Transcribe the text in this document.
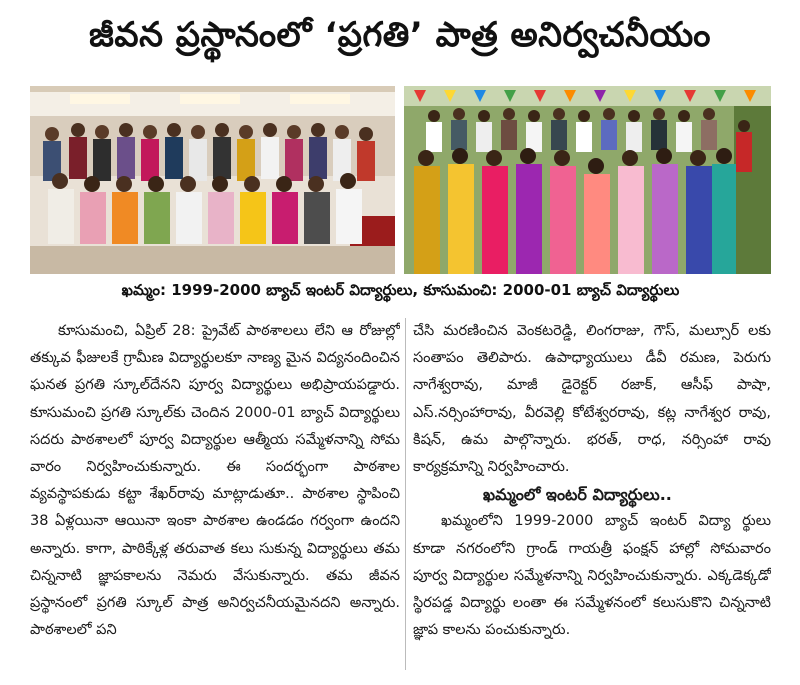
జీవన ప్రస్థానంలో ‘ప్రగతి’ పాత్ర అనిర్వచనీయం
ఖమ్మం: 1999-2000 బ్యాచ్ ఇంటర్ విద్యార్థులు, కూసుమంచి: 2000-01 బ్యాచ్ విద్యార్థులు

కూసుమంచి, ఏప్రిల్ 28: ప్రైవేట్ పాఠశాలలు లేని ఆ రోజుల్లో తక్కువ ఫీజులకే గ్రామీణ విద్యార్థులకూ నాణ్య మైన విద్యనందించిన ఘనత ప్రగతి స్కూల్‌దేనని పూర్వ విద్యార్థులు అభిప్రాయపడ్డారు. కూసుమంచి ప్రగతి స్కూల్‌కు చెందిన 2000-01 బ్యాచ్ విద్యార్థులు సదరు పాఠశాలలో పూర్వ విద్యార్థుల ఆత్మీయ సమ్మేళనాన్ని సోమ వారం నిర్వహించుకున్నారు. ఈ సందర్భంగా పాఠశాల వ్యవస్థాపకుడు కట్టా శేఖర్‌రావు మాట్లాడుతూ.. పాఠశాల స్థాపించి 38 ఏళ్లయినా ఆయినా ఇంకా పాఠశాల ఉండడం గర్వంగా ఉందని అన్నారు. కాగా, పాఠిక్కేళ్ల తరువాత కలు సుకున్న విద్యార్థులు తమ చిన్ననాటి జ్ఞాపకాలను నెమరు వేసుకున్నారు. తమ జీవన ప్రస్థానంలో ప్రగతి స్కూల్ పాత్ర అనిర్వచనీయమైనదని అన్నారు. పాఠశాలలో పని

చేసి మరణించిన వెంకటరెడ్డి, లింగరాజు, గౌస్, మల్సూర్ లకు సంతాపం తెలిపారు. ఉపాధ్యాయులు డీవీ రమణ, పెరుగు నాగేశ్వరావు, మాజీ డైరెక్టర్ రజాక్, ఆసీఫ్ పాషా, ఎస్.నర్సింహారావు, వీరవెల్లి కోటేశ్వరరావు, కట్ల నాగేశ్వర రావు, కిషన్, ఉమ పాల్గొన్నారు. భరత్, రాధ, నర్సింహా రావు కార్యక్రమాన్ని నిర్వహించారు.

ఖమ్మంలో ఇంటర్ విద్యార్థులు..

ఖమ్మంలోని 1999-2000 బ్యాచ్ ఇంటర్ విద్యా ర్థులు కూడా నగరంలోని గ్రాండ్ గాయత్రీ ఫంక్షన్ హాల్లో సోమవారం పూర్వ విద్యార్థుల సమ్మేళనాన్ని నిర్వహించుకున్నారు. ఎక్కడెక్కడో స్థిరపడ్డ విద్యార్థు లంతా ఈ సమ్మేళనంలో కలుసుకొని చిన్ననాటి జ్ఞాప కాలను పంచుకున్నారు.
